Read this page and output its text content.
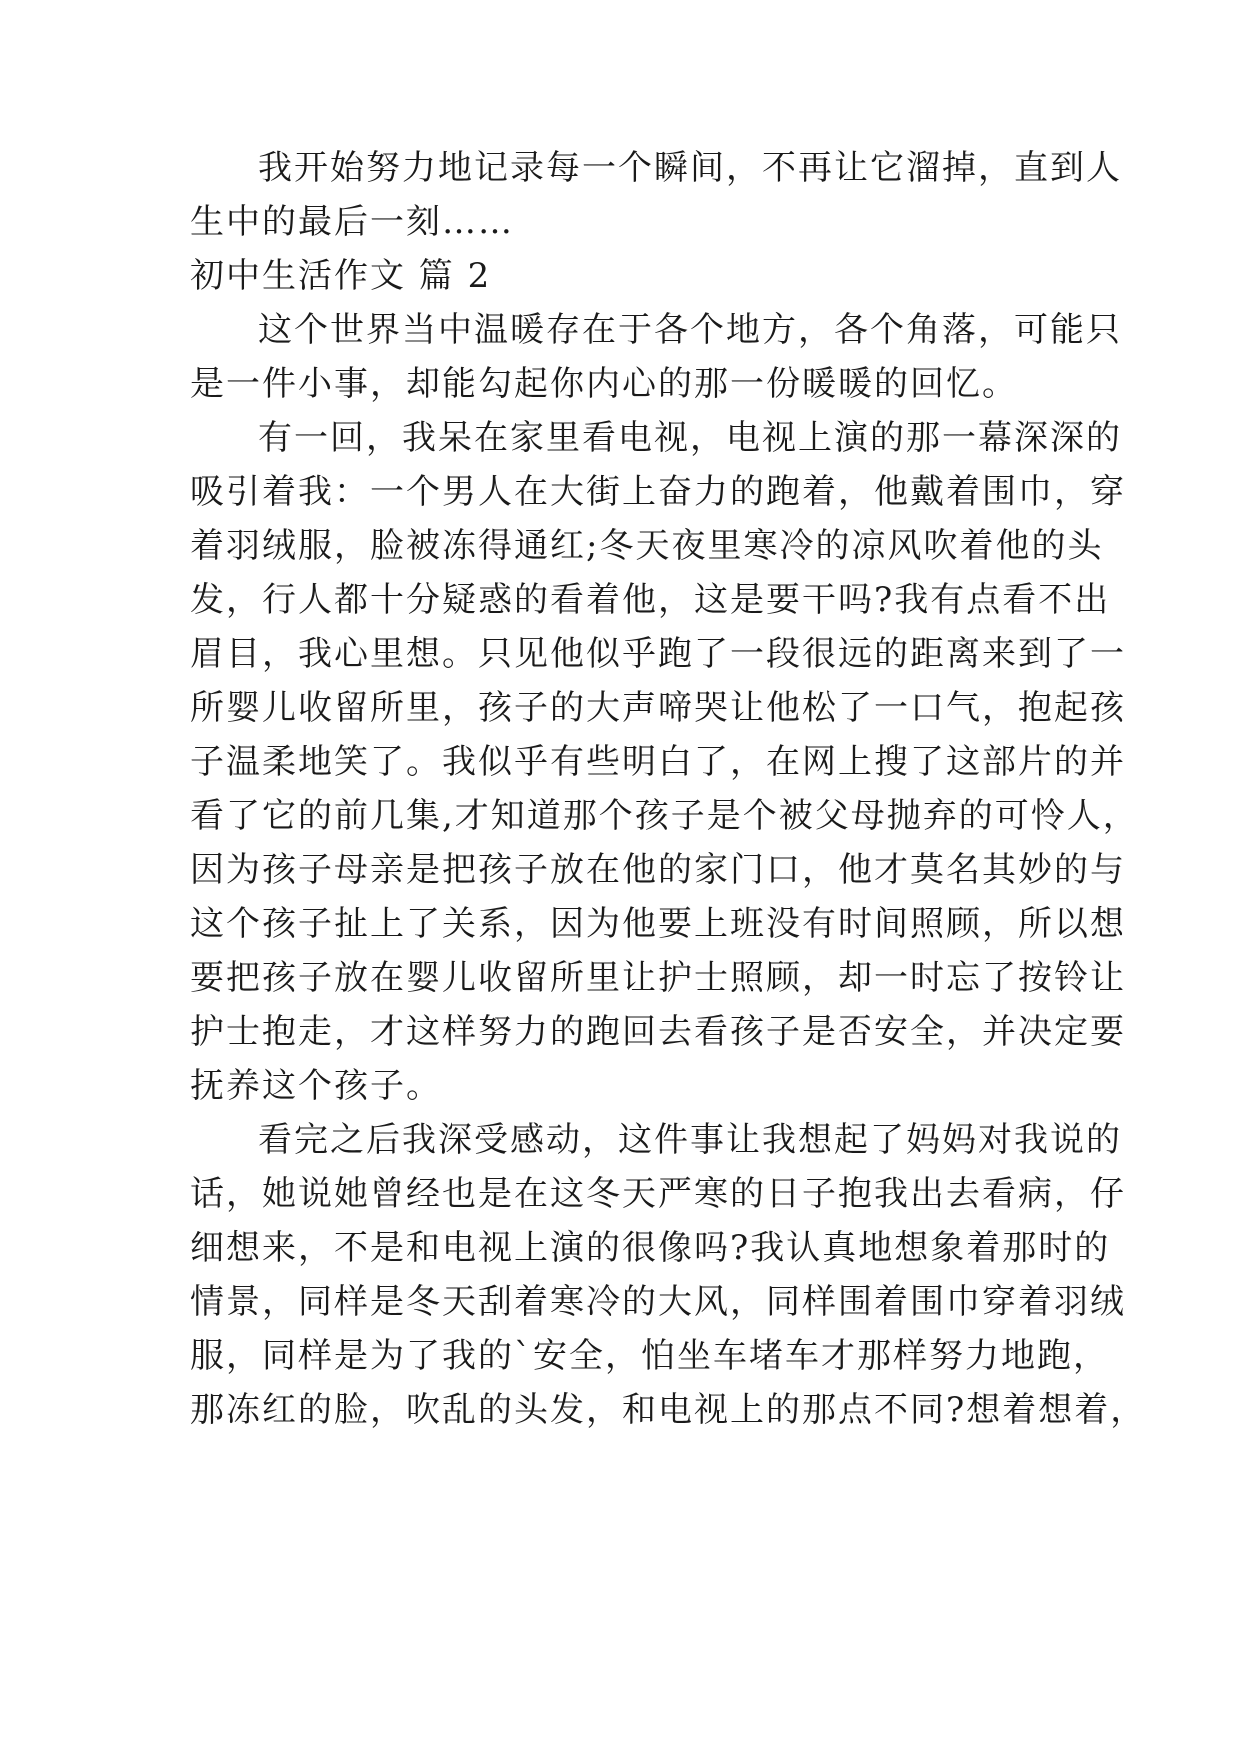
我开始努力地记录每一个瞬间，不再让它溜掉，直到人
生中的最后一刻……
初中生活作文 篇 2
这个世界当中温暖存在于各个地方，各个角落，可能只
是一件小事，却能勾起你内心的那一份暖暖的回忆。
有一回，我呆在家里看电视，电视上演的那一幕深深的
吸引着我：一个男人在大街上奋力的跑着，他戴着围巾，穿
着羽绒服，脸被冻得通红;冬天夜里寒冷的凉风吹着他的头
发，行人都十分疑惑的看着他，这是要干吗?我有点看不出
眉目，我心里想。只见他似乎跑了一段很远的距离来到了一
所婴儿收留所里，孩子的大声啼哭让他松了一口气，抱起孩
子温柔地笑了。我似乎有些明白了，在网上搜了这部片的并
看了它的前几集,才知道那个孩子是个被父母抛弃的可怜人，
因为孩子母亲是把孩子放在他的家门口，他才莫名其妙的与
这个孩子扯上了关系，因为他要上班没有时间照顾，所以想
要把孩子放在婴儿收留所里让护士照顾，却一时忘了按铃让
护士抱走，才这样努力的跑回去看孩子是否安全，并决定要
抚养这个孩子。
看完之后我深受感动，这件事让我想起了妈妈对我说的
话，她说她曾经也是在这冬天严寒的日子抱我出去看病，仔
细想来，不是和电视上演的很像吗?我认真地想象着那时的
情景，同样是冬天刮着寒冷的大风，同样围着围巾穿着羽绒
服，同样是为了我的`安全，怕坐车堵车才那样努力地跑，
那冻红的脸，吹乱的头发，和电视上的那点不同?想着想着，
